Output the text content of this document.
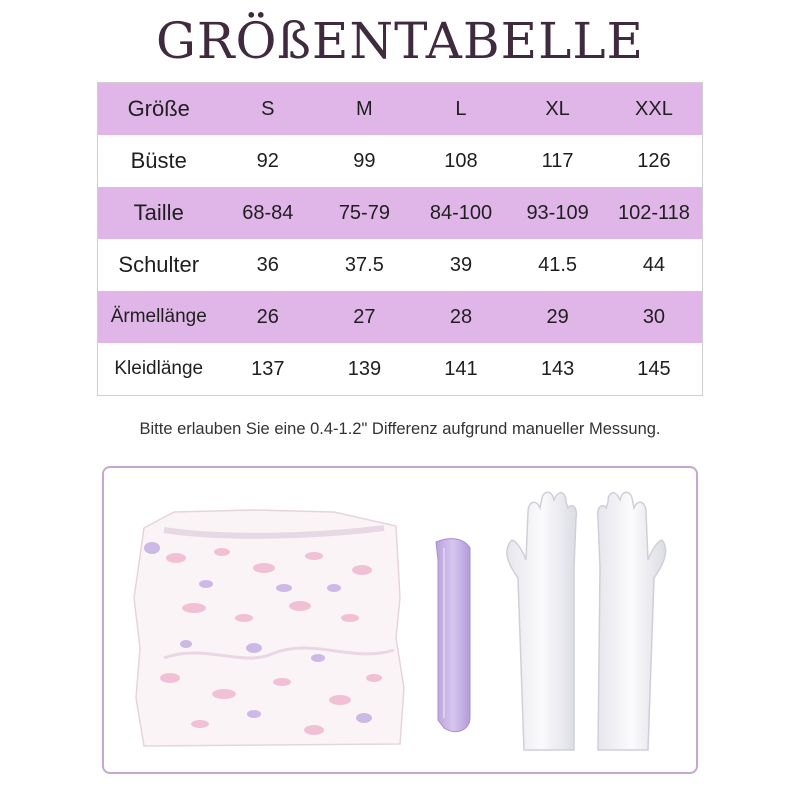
GRÖßENTABELLE
Größe	S	M	L	XL	XXL
Büste	92	99	108	117	126
Taille	68-84	75-79	84-100	93-109	102-118
Schulter	36	37.5	39	41.5	44
Ärmellänge	26	27	28	29	30
Kleidlänge	137	139	141	143	145
Bitte erlauben Sie eine 0.4-1.2" Differenz aufgrund manueller Messung.
